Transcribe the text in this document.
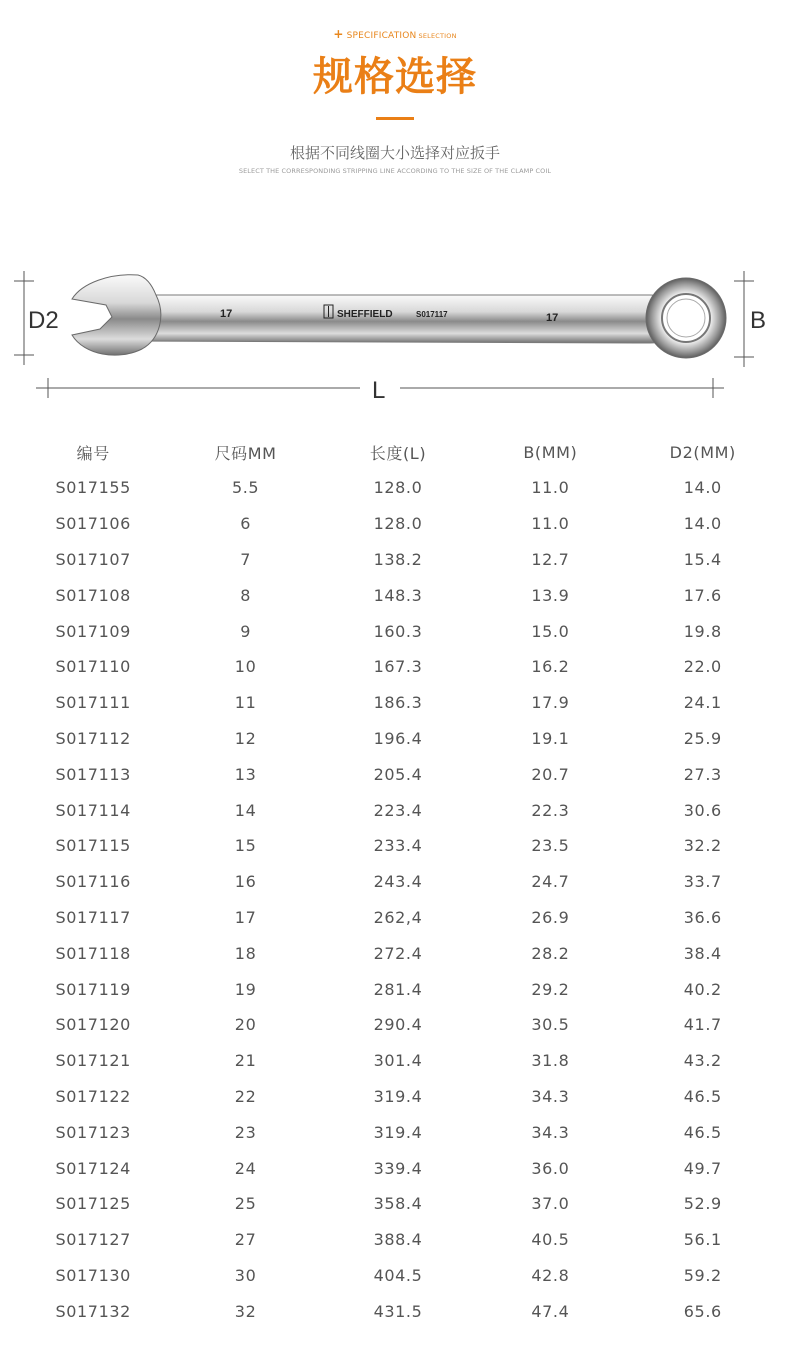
+ SPECIFICATION SELECTION
规格选择
根据不同线圈大小选择对应扳手
SELECT THE CORRESPONDING STRIPPING LINE ACCORDING TO THE SIZE OF THE CLAMP COIL
17	SHEFFIELD	S017117	17
D2	B
L
编号	尺码MM	长度(L)	B(MM)	D2(MM)
S017155	5.5	128.0	11.0	14.0
S017106	6	128.0	11.0	14.0
S017107	7	138.2	12.7	15.4
S017108	8	148.3	13.9	17.6
S017109	9	160.3	15.0	19.8
S017110	10	167.3	16.2	22.0
S017111	11	186.3	17.9	24.1
S017112	12	196.4	19.1	25.9
S017113	13	205.4	20.7	27.3
S017114	14	223.4	22.3	30.6
S017115	15	233.4	23.5	32.2
S017116	16	243.4	24.7	33.7
S017117	17	262,4	26.9	36.6
S017118	18	272.4	28.2	38.4
S017119	19	281.4	29.2	40.2
S017120	20	290.4	30.5	41.7
S017121	21	301.4	31.8	43.2
S017122	22	319.4	34.3	46.5
S017123	23	319.4	34.3	46.5
S017124	24	339.4	36.0	49.7
S017125	25	358.4	37.0	52.9
S017127	27	388.4	40.5	56.1
S017130	30	404.5	42.8	59.2
S017132	32	431.5	47.4	65.6
